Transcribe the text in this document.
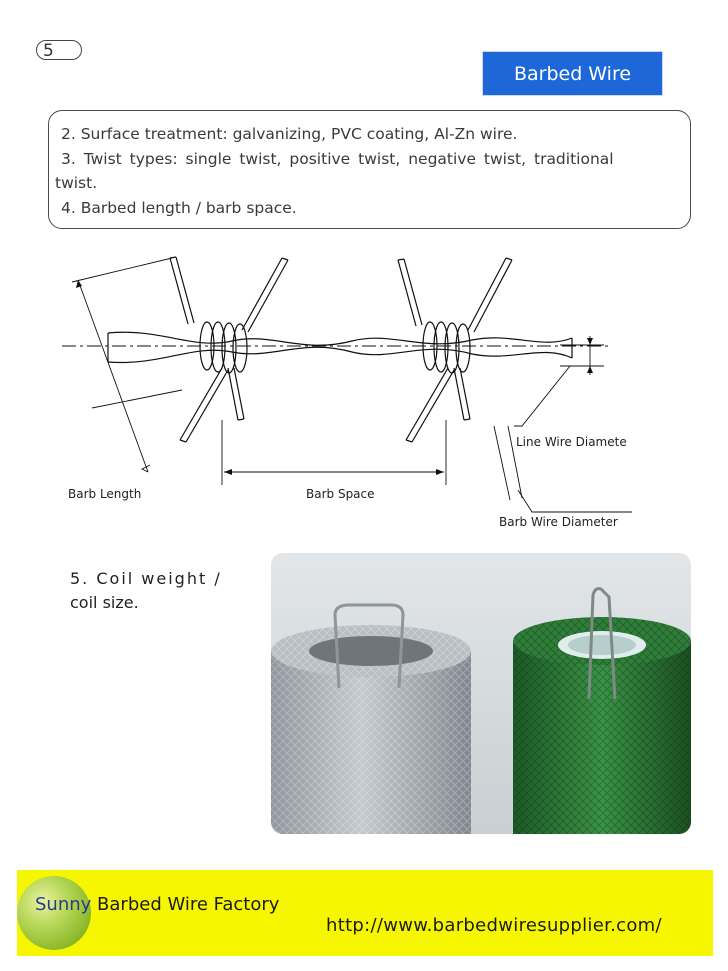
5
Barbed Wire
2. Surface treatment: galvanizing, PVC coating, Al-Zn wire.
3. Twist types: single twist, positive twist, negative twist, traditional
twist.
4. Barbed length / barb space.
Barb Length	Barb Space
Line Wire Diamete
Barb Wire Diameter
5. Coil weight /
coil size.
Sunny Barbed Wire Factory
http://www.barbedwiresupplier.com/
